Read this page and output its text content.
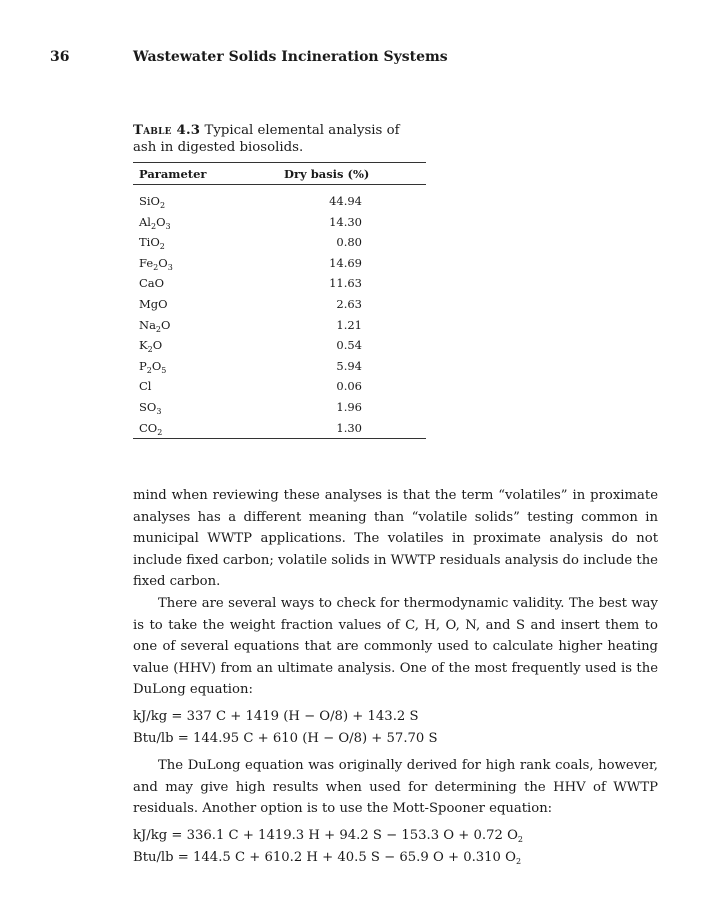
36	Wastewater Solids Incineration Systems

Table 4.3 Typical elemental analysis of ash in digested biosolids.

Parameter	Dry basis (%)
SiO$_2$	44.94
$Al_2O_3$	14.30
TiO$_2$	0.80
$Fe_2O_3$	14.69
CaO	11.63
MgO	2.63
$Na_2O$	1.21
$K_2O$	0.54
$P_2O_5$	5.94
Cl	0.06
$SO_3$	1.96
$CO_2$	1.30

mind when reviewing these analyses is that the term “volatiles” in proximate analyses has a different meaning than “volatile solids” testing common in municipal WWTP applications. The volatiles in proximate analysis do not include fixed carbon; volatile solids in WWTP residuals analysis do include the fixed carbon.

There are several ways to check for thermodynamic validity. The best way is to take the weight fraction values of C, H, O, N, and S and insert them to one of several equations that are commonly used to calculate higher heating value (HHV) from an ultimate analysis. One of the most frequently used is the DuLong equation:

kJ/kg = 337 C + 1419 (H − O/8) + 143.2 S

Btu/lb = 144.95 C + 610 (H − O/8) + 57.70 S

The DuLong equation was originally derived for high rank coals, however, and may give high results when used for determining the HHV of WWTP residuals. Another option is to use the Mott-Spooner equation:

kJ/kg = 336.1 C + 1419.3 H + 94.2 S − 153.3 O + 0.72 $O_2$

Btu/lb = 144.5 C + 610.2 H + 40.5 S − 65.9 O + 0.310 $O_2$
